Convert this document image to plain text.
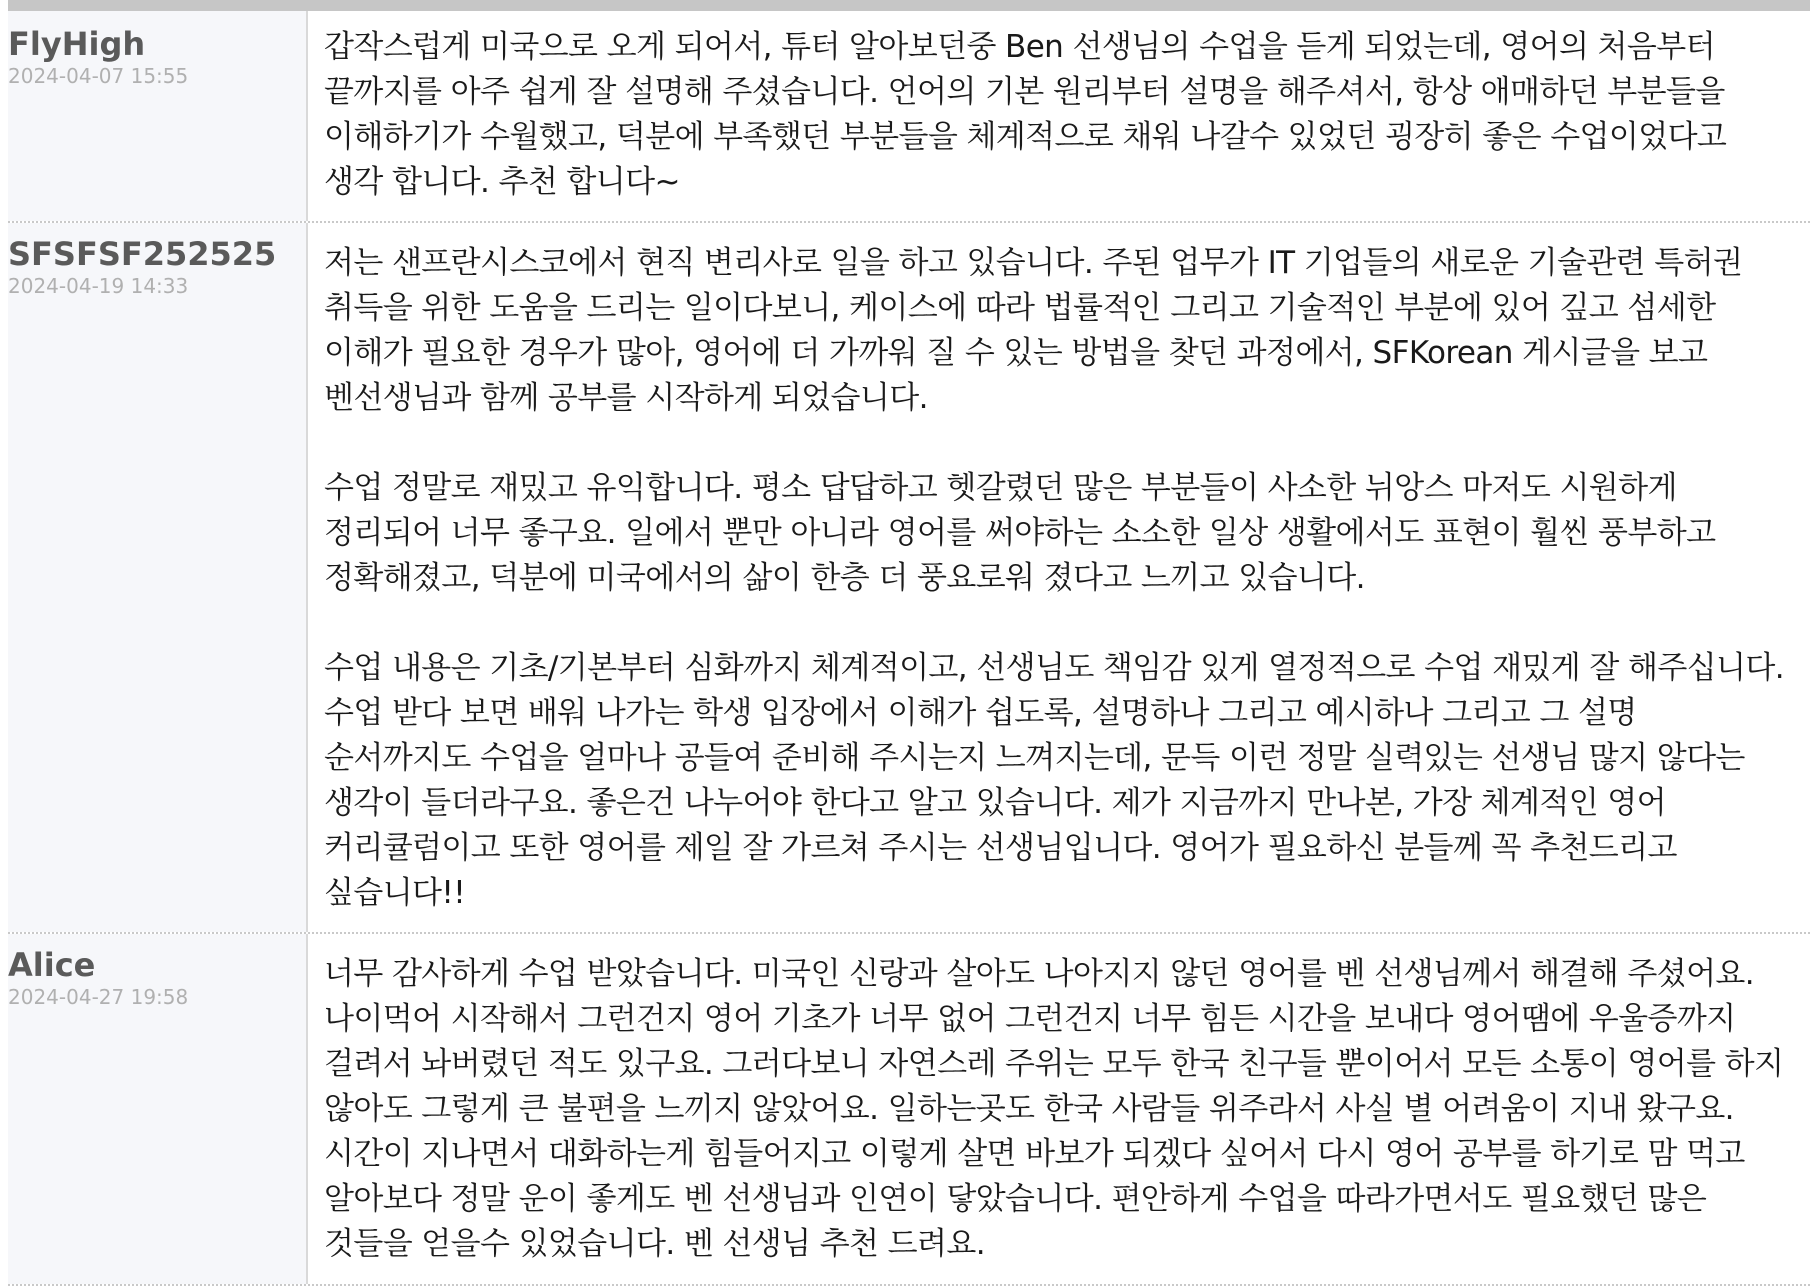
FlyHigh
2024-04-07 15:55

갑작스럽게 미국으로 오게 되어서, 튜터 알아보던중 Ben 선생님의 수업을 듣게 되었는데, 영어의 처음부터 끝까지를 아주 쉽게 잘 설명해 주셨습니다. 언어의 기본 원리부터 설명을 해주셔서, 항상 애매하던 부분들을 이해하기가 수월했고, 덕분에 부족했던 부분들을 체계적으로 채워 나갈수 있었던 굉장히 좋은 수업이었다고 생각 합니다. 추천 합니다~

SFSFSF252525
2024-04-19 14:33

저는 샌프란시스코에서 현직 변리사로 일을 하고 있습니다. 주된 업무가 IT 기업들의 새로운 기술관련 특허권 취득을 위한 도움을 드리는 일이다보니, 케이스에 따라 법률적인 그리고 기술적인 부분에 있어 깊고 섬세한 이해가 필요한 경우가 많아, 영어에 더 가까워 질 수 있는 방법을 찾던 과정에서, SFKorean 게시글을 보고 벤선생님과 함께 공부를 시작하게 되었습니다.

수업 정말로 재밌고 유익합니다. 평소 답답하고 헷갈렸던 많은 부분들이 사소한 뉘앙스 마저도 시원하게 정리되어 너무 좋구요. 일에서 뿐만 아니라 영어를 써야하는 소소한 일상 생활에서도 표현이 훨씬 풍부하고 정확해졌고, 덕분에 미국에서의 삶이 한층 더 풍요로워 졌다고 느끼고 있습니다.

수업 내용은 기초/기본부터 심화까지 체계적이고, 선생님도 책임감 있게 열정적으로 수업 재밌게 잘 해주십니다. 수업 받다 보면 배워 나가는 학생 입장에서 이해가 쉽도록, 설명하나 그리고 예시하나 그리고 그 설명 순서까지도 수업을 얼마나 공들여 준비해 주시는지 느껴지는데, 문득 이런 정말 실력있는 선생님 많지 않다는 생각이 들더라구요. 좋은건 나누어야 한다고 알고 있습니다. 제가 지금까지 만나본, 가장 체계적인 영어 커리큘럼이고 또한 영어를 제일 잘 가르쳐 주시는 선생님입니다. 영어가 필요하신 분들께 꼭 추천드리고 싶습니다!!

Alice
2024-04-27 19:58

너무 감사하게 수업 받았습니다. 미국인 신랑과 살아도 나아지지 않던 영어를 벤 선생님께서 해결해 주셨어요. 나이먹어 시작해서 그런건지 영어 기초가 너무 없어 그런건지 너무 힘든 시간을 보내다 영어땜에 우울증까지 걸려서 놔버렸던 적도 있구요. 그러다보니 자연스레 주위는 모두 한국 친구들 뿐이어서 모든 소통이 영어를 하지 않아도 그렇게 큰 불편을 느끼지 않았어요. 일하는곳도 한국 사람들 위주라서 사실 별 어려움이 지내 왔구요. 시간이 지나면서 대화하는게 힘들어지고 이렇게 살면 바보가 되겠다 싶어서 다시 영어 공부를 하기로 맘 먹고 알아보다 정말 운이 좋게도 벤 선생님과 인연이 닿았습니다. 편안하게 수업을 따라가면서도 필요했던 많은 것들을 얻을수 있었습니다. 벤 선생님 추천 드려요.
